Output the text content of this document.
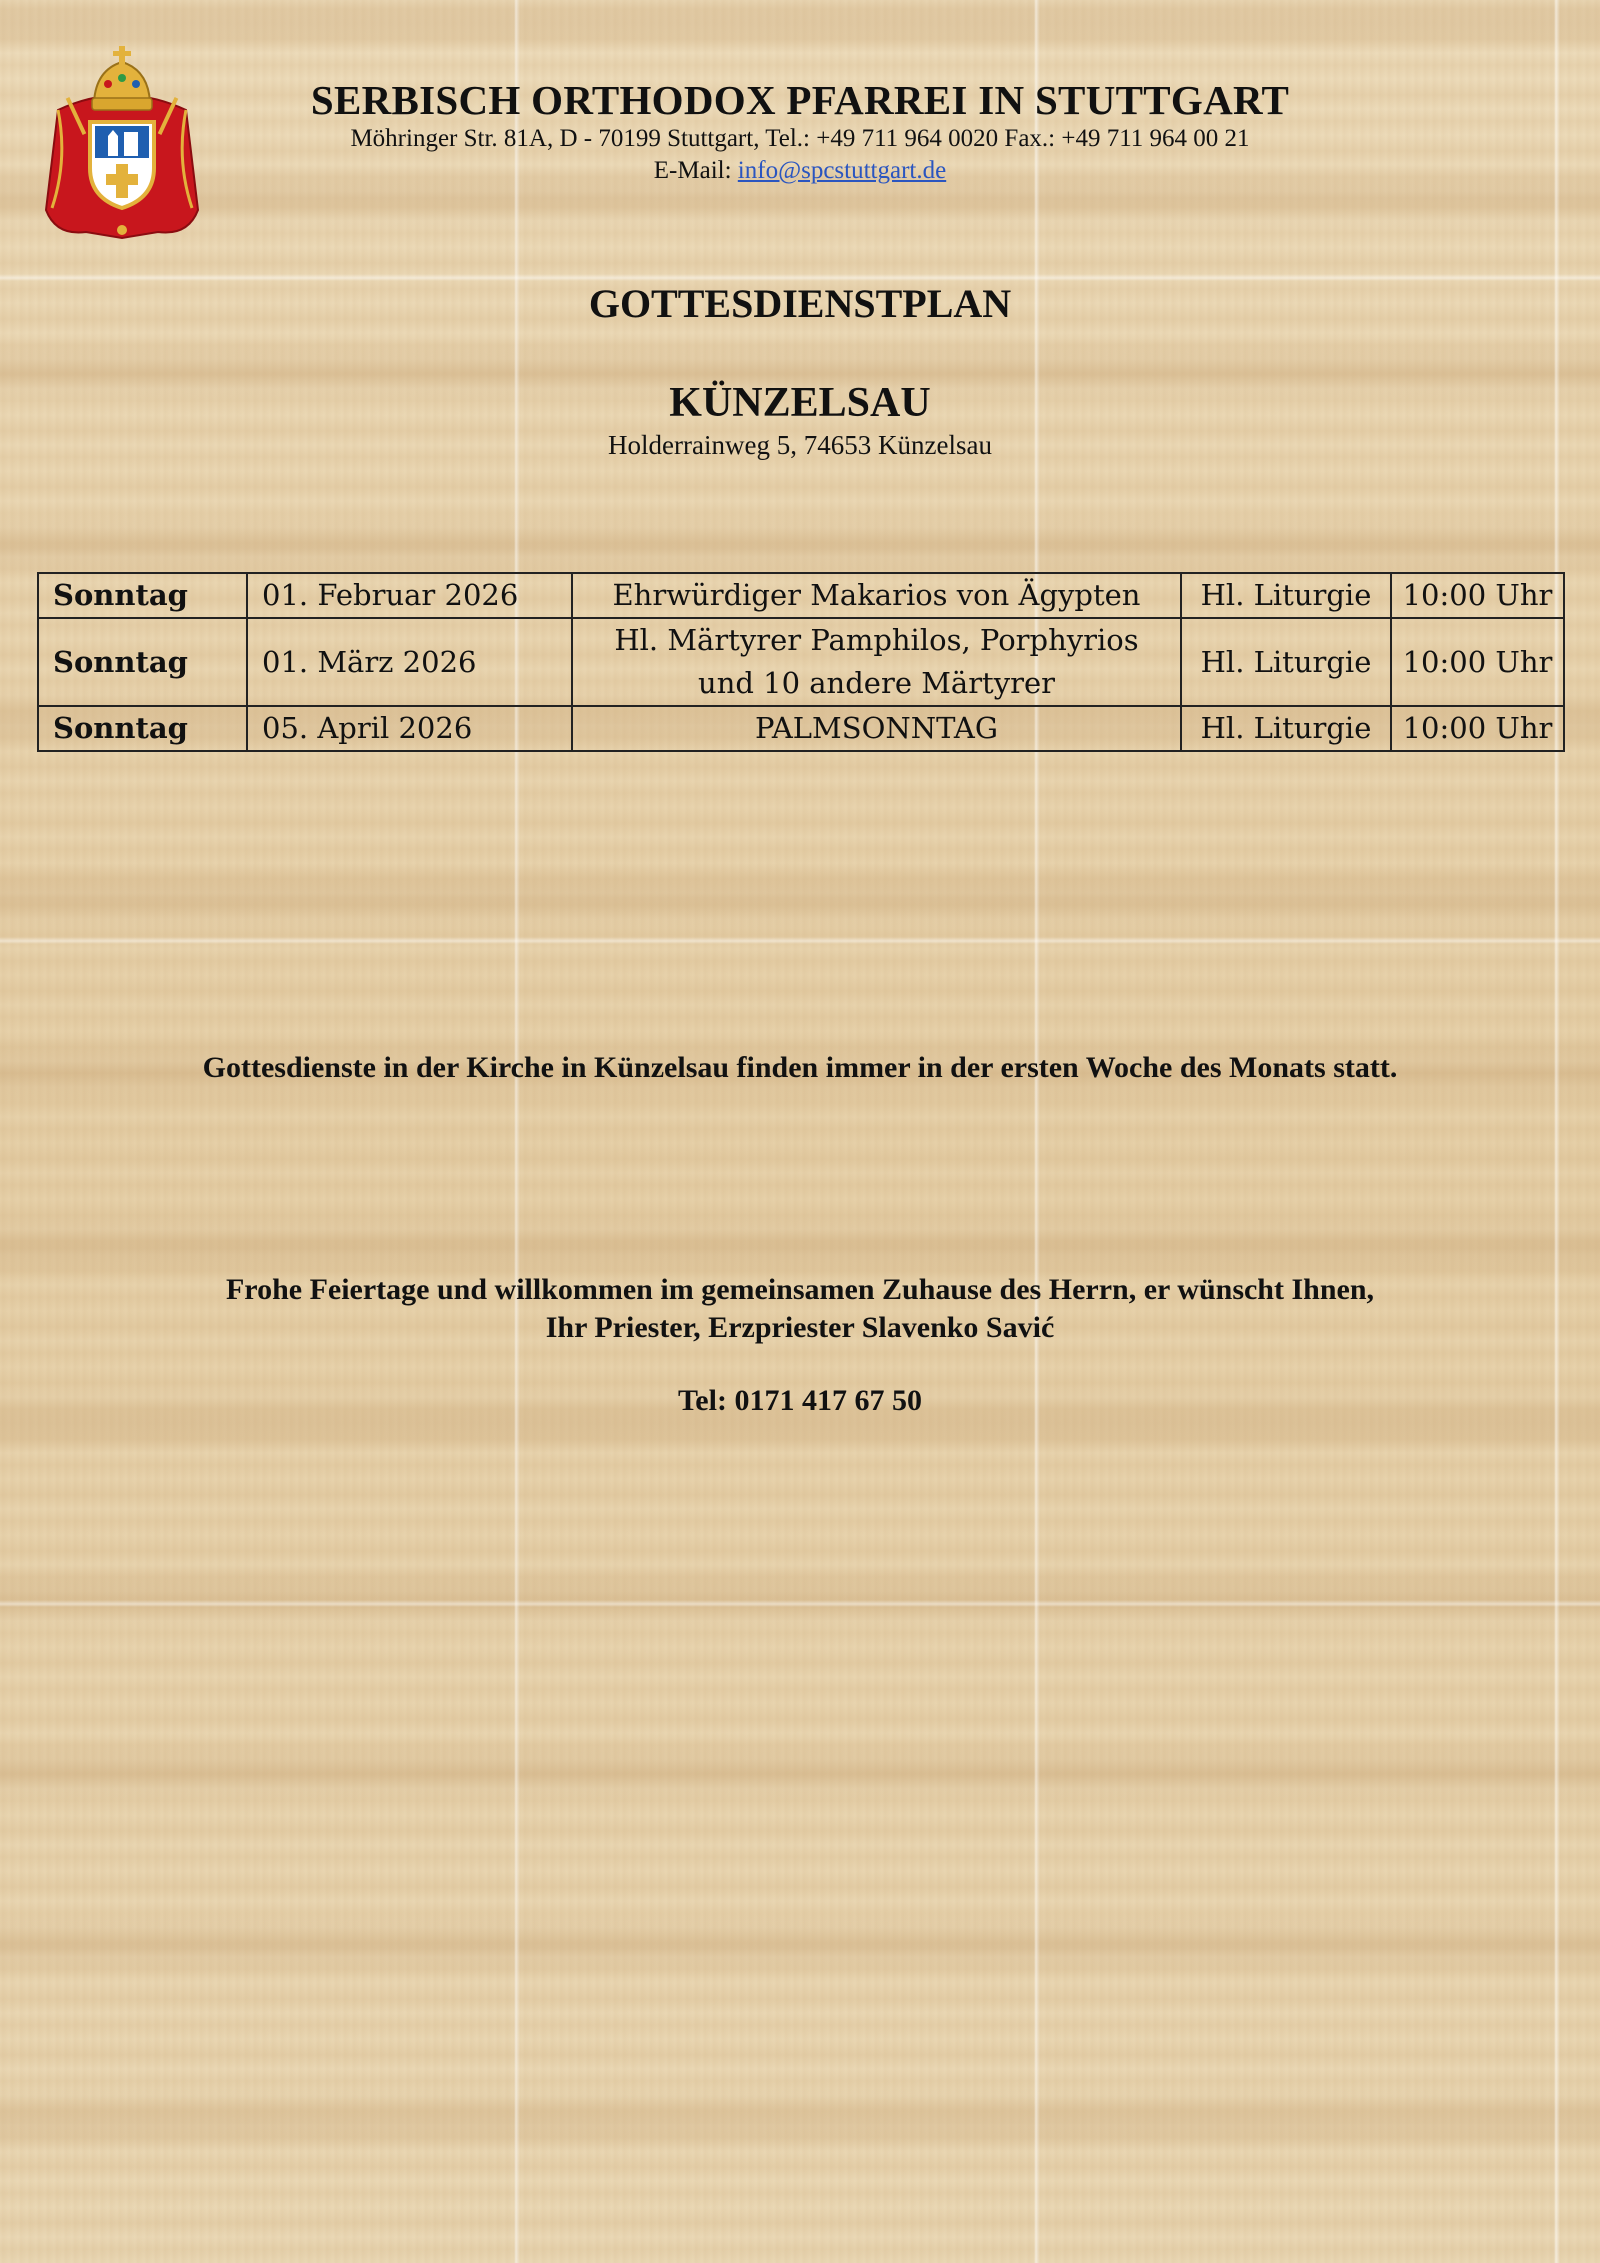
SERBISCH ORTHODOX PFARREI IN STUTTGART
Möhringer Str. 81A, D - 70199 Stuttgart, Tel.: +49 711 964 0020 Fax.: +49 711 964 00 21
E-Mail: info@spcstuttgart.de
GOTTESDIENSTPLAN
KÜNZELSAU
Holderrainweg 5, 74653 Künzelsau
Sonntag	01. Februar 2026	Ehrwürdiger Makarios von Ägypten	Hl. Liturgie	10:00 Uhr
Sonntag	01. März 2026	Hl. Märtyrer Pamphilos, Porphyrios und 10 andere Märtyrer	Hl. Liturgie	10:00 Uhr
Sonntag	05. April 2026	PALMSONNTAG	Hl. Liturgie	10:00 Uhr
Gottesdienste in der Kirche in Künzelsau finden immer in der ersten Woche des Monats statt.
Frohe Feiertage und willkommen im gemeinsamen Zuhause des Herrn, er wünscht Ihnen,
Ihr Priester, Erzpriester Slavenko Savić
Tel: 0171 417 67 50
